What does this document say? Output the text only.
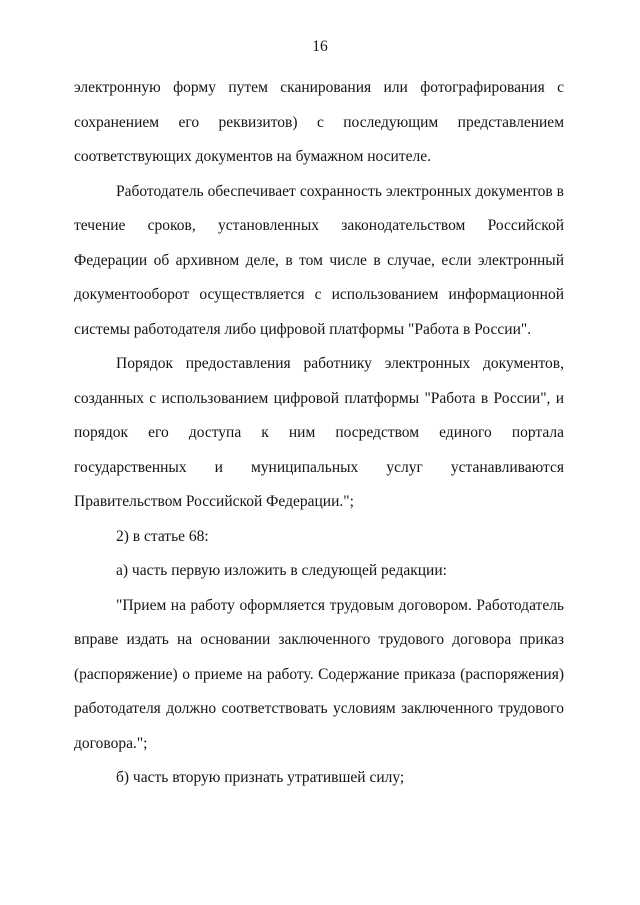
16

электронную форму путем сканирования или фотографирования с сохранением его реквизитов) с последующим представлением соответствующих документов на бумажном носителе.

Работодатель обеспечивает сохранность электронных документов в течение сроков, установленных законодательством Российской Федерации об архивном деле, в том числе в случае, если электронный документооборот осуществляется с использованием информационной системы работодателя либо цифровой платформы "Работа в России".

Порядок предоставления работнику электронных документов, созданных с использованием цифровой платформы "Работа в России", и порядок его доступа к ним посредством единого портала государственных и муниципальных услуг устанавливаются Правительством Российской Федерации.";

2) в статье 68:

а) часть первую изложить в следующей редакции:

"Прием на работу оформляется трудовым договором. Работодатель вправе издать на основании заключенного трудового договора приказ (распоряжение) о приеме на работу. Содержание приказа (распоряжения) работодателя должно соответствовать условиям заключенного трудового договора.";

б) часть вторую признать утратившей силу;
